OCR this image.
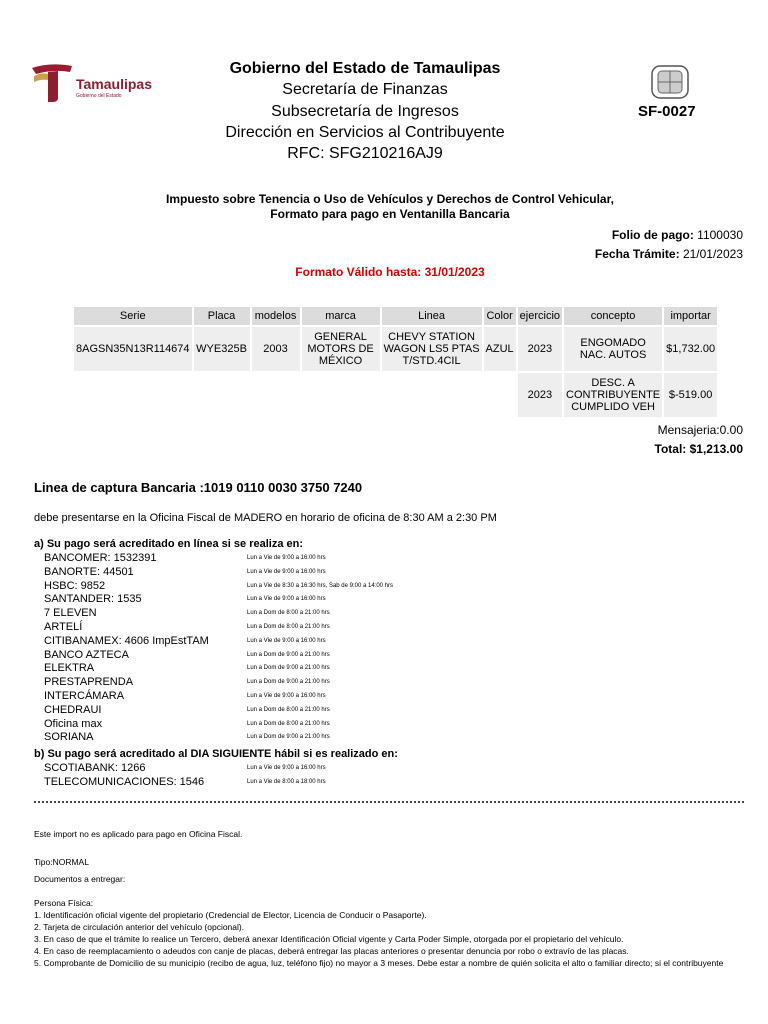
Tamaulipas
Gobierno del Estado
Gobierno del Estado de Tamaulipas
Secretaría de Finanzas
Subsecretaría de Ingresos
Dirección en Servicios al Contribuyente
RFC: SFG210216AJ9
SF-0027
Impuesto sobre Tenencia o Uso de Vehículos y Derechos de Control Vehicular,
Formato para pago en Ventanilla Bancaria
Folio de pago: 1100030
Fecha Trámite: 21/01/2023
Formato Válido hasta: 31/01/2023
Serie	Placa	modelos	marca	Linea	Color	ejercicio	concepto	importar
8AGSN35N13R114674	WYE325B	2003	GENERAL MOTORS DE MÉXICO	CHEVY STATION WAGON LS5 PTAS T/STD.4CIL	AZUL	2023	ENGOMADO NAC. AUTOS	$1,732.00
						2023	DESC. A CONTRIBUYENTE CUMPLIDO VEH	$-519.00
Mensajeria:0.00
Total: $1,213.00
Linea de captura Bancaria :1019 0110 0030 3750 7240
debe presentarse en la Oficina Fiscal de MADERO en horario de oficina de 8:30 AM a 2:30 PM
a) Su pago será acreditado en línea si se realiza en:
BANCOMER: 1532391	Lun a Vie de 9:00 a 16:00 hrs
BANORTE: 44501	Lun a Vie de 9:00 a 16:00 hrs
HSBC: 9852	Lun a Vie de 8:30 a 16:30 hrs, Sab de 9:00 a 14:00 hrs
SANTANDER: 1535	Lun a Vie de 9:00 a 16:00 hrs
7 ELEVEN	Lun a Dom de 8:00 a 21:00 hrs
ARTELÍ	Lun a Dom de 8:00 a 21:00 hrs
CITIBANAMEX: 4606 ImpEstTAM	Lun a Vie de 9:00 a 16:00 hrs
BANCO AZTECA	Lun a Dom de 9:00 a 21:00 hrs
ELEKTRA	Lun a Dom de 9:00 a 21:00 hrs
PRESTAPRENDA	Lun a Dom de 9:00 a 21:00 hrs
INTERCÁMARA	Lun a Vie de 9:00 a 16:00 hrs
CHEDRAUI	Lun a Dom de 8:00 a 21:00 hrs
Oficina max	Lun a Dom de 8:00 a 21:00 hrs
SORIANA	Lun a Dom de 9:00 a 21:00 hrs
b) Su pago será acreditado al DIA SIGUIENTE hábil si es realizado en:
SCOTIABANK: 1266	Lun a Vie de 9:00 a 16:00 hrs
TELECOMUNICACIONES: 1546	Lun a Vie de 8:00 a 18:00 hrs
Este import no es aplicado para pago en Oficina Fiscal.
Tipo:NORMAL
Documentos a entregar:
Persona Física:
1. Identificación oficial vigente del propietario (Credencial de Elector, Licencia de Conducir o Pasaporte).
2. Tarjeta de circulación anterior del vehículo (opcional).
3. En caso de que el trámite lo realice un Tercero, deberá anexar Identificación Oficial vigente y Carta Poder Simple, otorgada por el propietario del vehículo.
4. En caso de reemplacamiento o adeudos con canje de placas, deberá entregar las placas anteriores o presentar denuncia por robo o extravío de las placas.
5. Comprobante de Domicilio de su municipio (recibo de agua, luz, teléfono fijo) no mayor a 3 meses. Debe estar a nombre de quién solicita el alto o familiar directo; si el contribuyente
